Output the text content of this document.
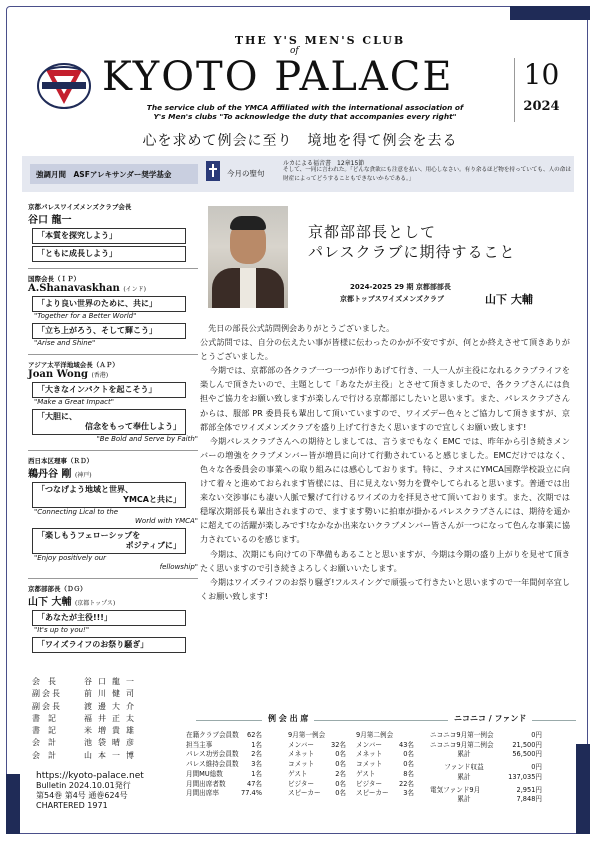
THE Y'S MEN'S CLUB
of
KYOTO PALACE	10
2024
The service club of the YMCA Affiliated with the international association of
Y's Men's clubs "To acknowledge the duty that accompanies every right"
心を求めて例会に至り　境地を得て例会を去る
強調月間　ASFアレキサンダー奨学基金	今月の聖句
ルカによる福音書　12章15節
そして、一同に言われた。「どんな貪欲にも注意を払い、用心しなさい。有り余るほど物を持っていても、人の命は財産によってどうすることもできないからである。」
京都パレスワイズメンズクラブ会長
谷口 龍一
「本質を探究しよう」
「ともに成長しよう」
国際会長（ＩＰ）
A.Shanavaskhan (インド)
「より良い世界のために、共に」
"Together for a Better World"
「立ち上がろう、そして輝こう」
"Arise and Shine"
アジア太平洋地域会長（ＡＰ）
Joan Wong (香港)
「大きなインパクトを起こそう」
"Make a Great Impact"
「大胆に、
信念をもって奉仕しよう」
"Be Bold and Serve by Faith"
西日本区理事（ＲＤ）
鵜丹谷 剛 (神戸)
「つなげよう地域と世界、
YMCAと共に」
"Connecting Lical to the
World with YMCA"
「楽しもうフェローシップを
ポジティブに」
"Enjoy positively our
fellowship"
京都部部長（ＤＧ）
山下 大輔 (京都トップス)
「あなたが主役!!!」
"It's up to you!"
「ワイズライフのお祭り騒ぎ」
会長	谷口龍一
副会長	前川健司
副会長	渡邊大介
書記	福井正太
書記	米増貴雄
会計	池袋晴彦
会計	山本一博
https://kyoto-palace.net
Bulletin 2024.10.01発行
第54巻 第4号 通巻624号
CHARTERED 1971
京都部部長として
パレスクラブに期待すること
2024-2025 29 期 京都部部長
京都トップスワイズメンズクラブ	山下 大輔

先日の部長公式訪問例会ありがとうございました。

公式訪問では、自分の伝えたい事が皆様に伝わったのかが不安ですが、何とか終えさせて頂きありがとうございました。

今期では、京都部の各クラブ一つ一つが作りあげて行き、一人一人が主役になれるクラブライフを楽しんで頂きたいので、主題として「あなたが主役」とさせて頂きましたので、各クラブさんには負担やご協力をお願い致しますが楽しんで行ける京都部にしたいと思います。また、パレスクラブさんからは、服部 PR 委員長も輩出して頂いていますので、ワイズデー色々とご協力して頂きますが、京都部全体でワイズメンズクラブを盛り上げて行きたく思いますので宜しくお願い致します!

今期パレスクラブさんへの期待としましては、言うまでもなく EMC では、昨年から引き続きメンバーの増強をクラブメンバー皆が増員に向けて行動されていると感じました。EMCだけではなく、色々な各委員会の事業への取り組みには感心しております。特に、ラオスにYMCA国際学校設立に向けて着々と進めておられます皆様には、目に見えない努力を費やしてられると思います。普通では出来ない交渉事にも凄い人脈で繋げて行けるワイズの力を拝見させて頂いております。また、次期では穏塚次期部長も輩出されますので、ますます勢いに拍車が掛かるパレスクラブさんには、期待を遥かに超えての活躍が楽しみです!なかなか出来ないクラブメンバー皆さんが一つになって色んな事業に協力されているのを感じます。

今期は、次期にも向けての下準備もあることと思いますが、今期は今期の盛り上がりを見せて頂きたく思いますので引き続きよろしくお願いいたします。

今期はワイズライフのお祭り騒ぎ!フルスイングで頑張って行きたいと思いますので一年間何卒宜しくお願い致します!

例 会 出 席	ニコニコ / ファンド
在籍クラブ会員数	62名
担当主事	1名
パレス功労会員数	2名
パレス維持会員数	3名
月間MU総数	1名
月間出席者数	47名
月間出席率	77.4%
9月第一例会
メンバー	32名
メネット	0名
コメット	0名
ゲスト	2名
ビジター	0名
スピーカー	0名
9月第二例会
メンバー	43名
メネット	0名
コメット	0名
ゲスト	8名
ビジター	22名
スピーカー	3名
ニコニコ9月第一例会	0円
ニコニコ9月第二例会	21,500円
累計	56,500円
ファンド収益	0円
累計	137,035円
電気ファンド9月	2,951円
累計	7,848円
